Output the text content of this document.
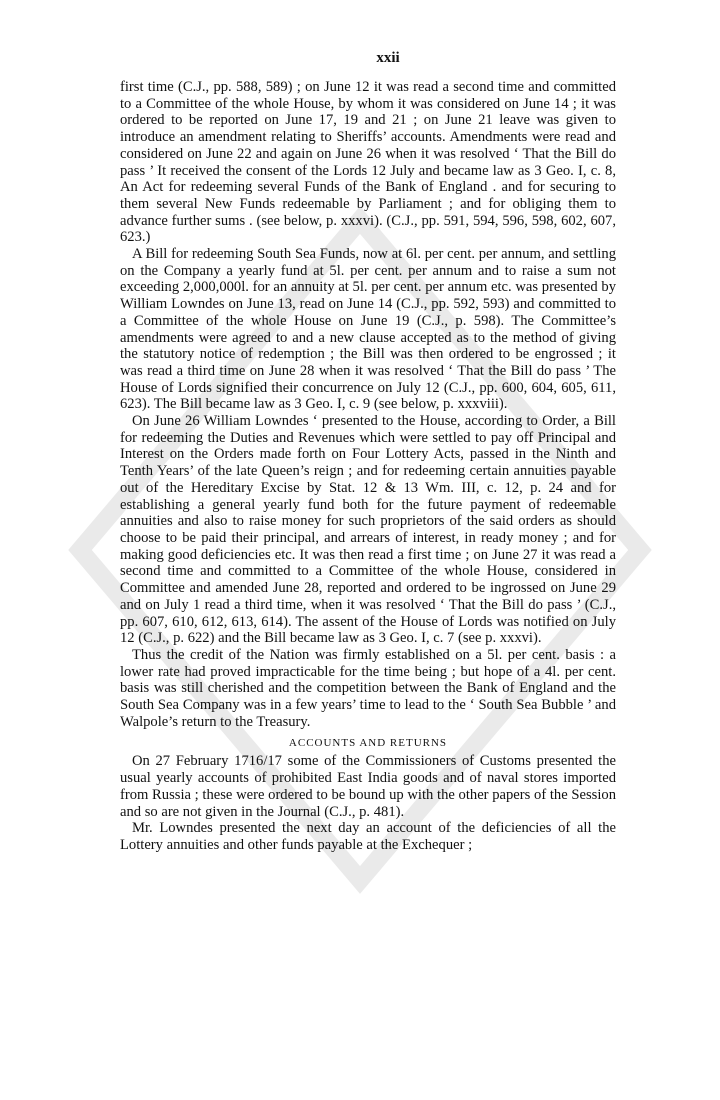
xxii

first time (C.J., pp. 588, 589) ; on June 12 it was read a second time and committed to a Committee of the whole House, by whom it was considered on June 14 ; it was ordered to be reported on June 17, 19 and 21 ; on June 21 leave was given to introduce an amendment relating to Sheriffs’ accounts. Amendments were read and considered on June 22 and again on June 26 when it was resolved ‘ That the Bill do pass ’ It received the consent of the Lords 12 July and became law as 3 Geo. I, c. 8, An Act for redeeming several Funds of the Bank of England . and for securing to them several New Funds redeemable by Parliament ; and for obliging them to advance further sums . (see below, p. xxxvi). (C.J., pp. 591, 594, 596, 598, 602, 607, 623.)

A Bill for redeeming South Sea Funds, now at 6l. per cent. per annum, and settling on the Company a yearly fund at 5l. per cent. per annum and to raise a sum not exceeding 2,000,000l. for an annuity at 5l. per cent. per annum etc. was presented by William Lowndes on June 13, read on June 14 (C.J., pp. 592, 593) and committed to a Committee of the whole House on June 19 (C.J., p. 598). The Committee’s amendments were agreed to and a new clause accepted as to the method of giving the statutory notice of redemption ; the Bill was then ordered to be engrossed ; it was read a third time on June 28 when it was resolved ‘ That the Bill do pass ’ The House of Lords signified their concurrence on July 12 (C.J., pp. 600, 604, 605, 611, 623). The Bill became law as 3 Geo. I, c. 9 (see below, p. xxxviii).

On June 26 William Lowndes ‘ presented to the House, according to Order, a Bill for redeeming the Duties and Revenues which were settled to pay off Principal and Interest on the Orders made forth on Four Lottery Acts, passed in the Ninth and Tenth Years’ of the late Queen’s reign ; and for redeeming certain annuities payable out of the Hereditary Excise by Stat. 12 & 13 Wm. III, c. 12, p. 24 and for establishing a general yearly fund both for the future payment of redeemable annuities and also to raise money for such proprietors of the said orders as should choose to be paid their principal, and arrears of interest, in ready money ; and for making good deficiencies etc. It was then read a first time ; on June 27 it was read a second time and committed to a Committee of the whole House, considered in Committee and amended June 28, reported and ordered to be ingrossed on June 29 and on July 1 read a third time, when it was resolved ‘ That the Bill do pass ’ (C.J., pp. 607, 610, 612, 613, 614). The assent of the House of Lords was notified on July 12 (C.J., p. 622) and the Bill became law as 3 Geo. I, c. 7 (see p. xxxvi).

Thus the credit of the Nation was firmly established on a 5l. per cent. basis : a lower rate had proved impracticable for the time being ; but hope of a 4l. per cent. basis was still cherished and the competition between the Bank of England and the South Sea Company was in a few years’ time to lead to the ‘ South Sea Bubble ’ and Walpole’s return to the Treasury.

ACCOUNTS AND RETURNS

On 27 February 1716/17 some of the Commissioners of Customs presented the usual yearly accounts of prohibited East India goods and of naval stores imported from Russia ; these were ordered to be bound up with the other papers of the Session and so are not given in the Journal (C.J., p. 481).

Mr. Lowndes presented the next day an account of the deficiencies of all the Lottery annuities and other funds payable at the Exchequer ;
